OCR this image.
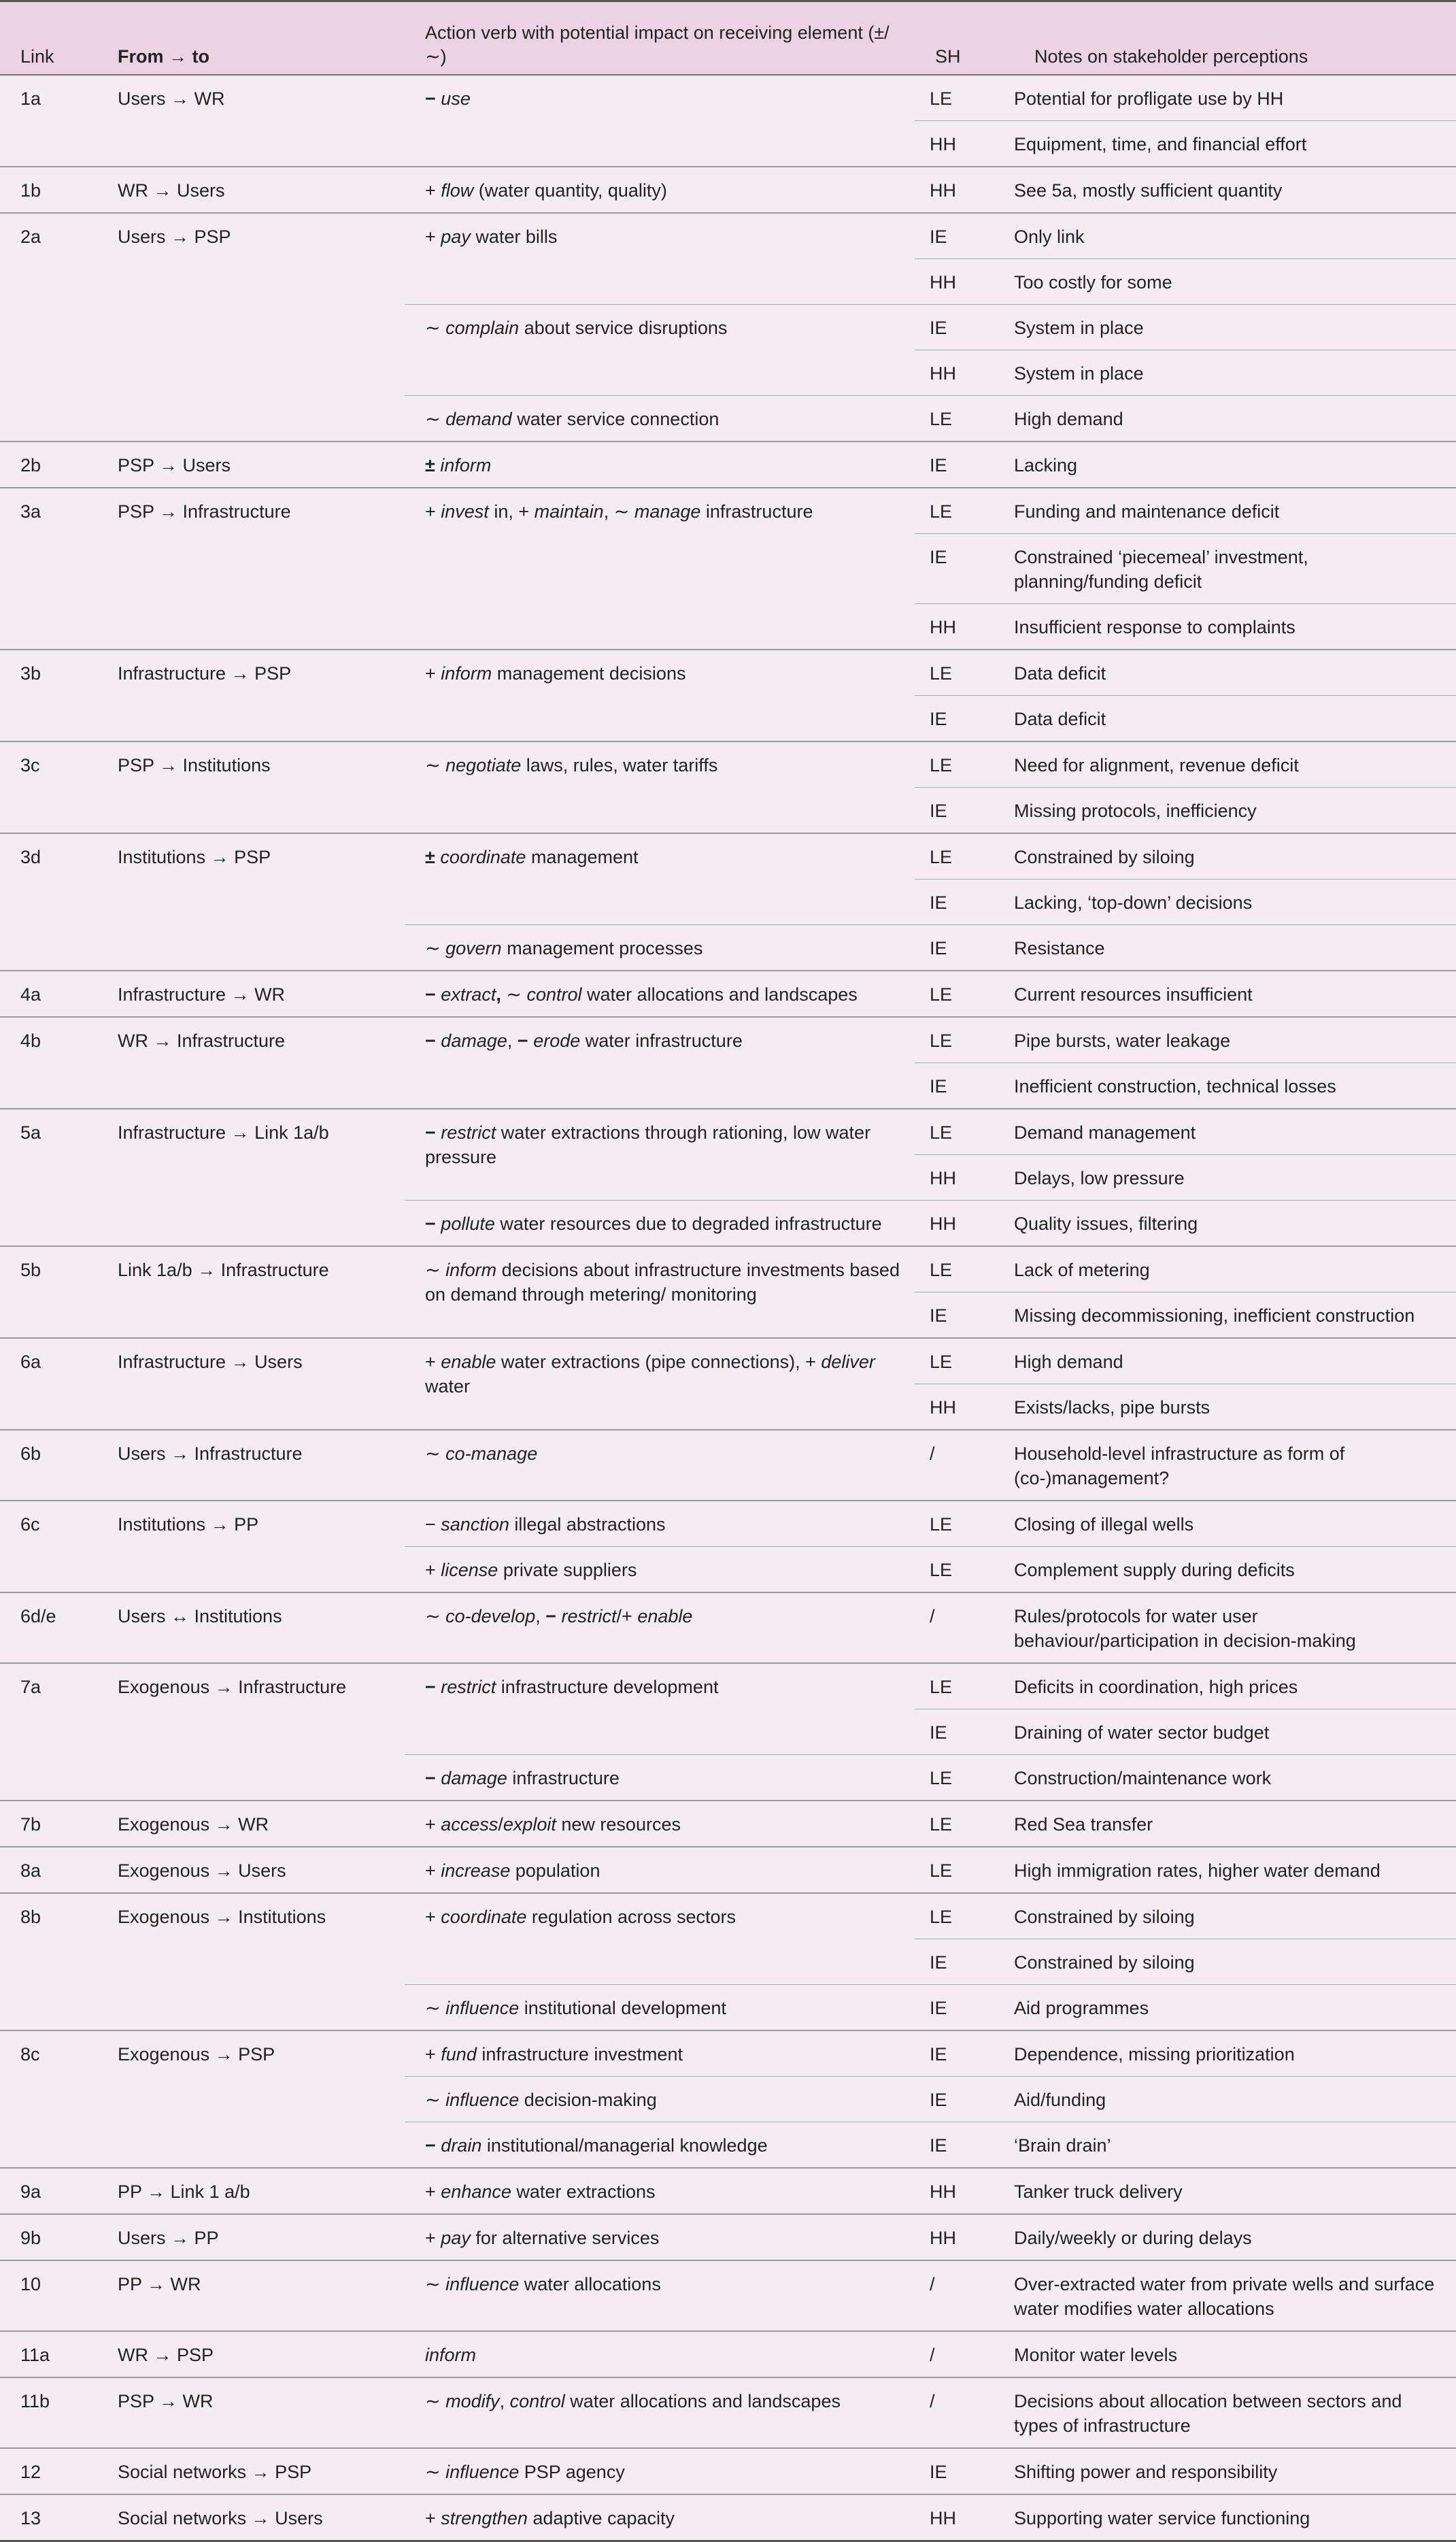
Link	From → to	Action verb with potential impact on receiving element (±/∼)	SH	Notes on stakeholder perceptions
1a	Users → WR	− use	LE	Potential for profligate use by HH
			HH	Equipment, time, and financial effort
1b	WR → Users	+ flow (water quantity, quality)	HH	See 5a, mostly sufficient quantity
2a	Users → PSP	+ pay water bills	IE	Only link
			HH	Too costly for some
		∼ complain about service disruptions	IE	System in place
			HH	System in place
		∼ demand water service connection	LE	High demand
2b	PSP → Users	± inform	IE	Lacking
3a	PSP → Infrastructure	+ invest in, + maintain, ∼ manage infrastructure	LE	Funding and maintenance deficit
			IE	Constrained ‘piecemeal’ investment, planning/funding deficit
			HH	Insufficient response to complaints
3b	Infrastructure → PSP	+ inform management decisions	LE	Data deficit
			IE	Data deficit
3c	PSP → Institutions	∼ negotiate laws, rules, water tariffs	LE	Need for alignment, revenue deficit
			IE	Missing protocols, inefficiency
3d	Institutions → PSP	± coordinate management	LE	Constrained by siloing
			IE	Lacking, ‘top-down’ decisions
		∼ govern management processes	IE	Resistance
4a	Infrastructure → WR	− extract, ∼ control water allocations and landscapes	LE	Current resources insufficient
4b	WR → Infrastructure	− damage, − erode water infrastructure	LE	Pipe bursts, water leakage
			IE	Inefficient construction, technical losses
5a	Infrastructure → Link 1a/b	− restrict water extractions through rationing, low water pressure	LE	Demand management
			HH	Delays, low pressure
		− pollute water resources due to degraded infrastructure	HH	Quality issues, filtering
5b	Link 1a/b → Infrastructure	∼ inform decisions about infrastructure investments based on demand through metering/ monitoring	LE	Lack of metering
			IE	Missing decommissioning, inefficient construction
6a	Infrastructure → Users	+ enable water extractions (pipe connections), + deliver water	LE	High demand
			HH	Exists/lacks, pipe bursts
6b	Users → Infrastructure	∼ co-manage	/	Household-level infrastructure as form of (co-)management?
6c	Institutions → PP	− sanction illegal abstractions	LE	Closing of illegal wells
		+ license private suppliers	LE	Complement supply during deficits
6d/e	Users ↔ Institutions	∼ co-develop, − restrict/+ enable	/	Rules/protocols for water user behaviour/participation in decision-making
7a	Exogenous → Infrastructure	− restrict infrastructure development	LE	Deficits in coordination, high prices
			IE	Draining of water sector budget
		− damage infrastructure	LE	Construction/maintenance work
7b	Exogenous → WR	+ access/exploit new resources	LE	Red Sea transfer
8a	Exogenous → Users	+ increase population	LE	High immigration rates, higher water demand
8b	Exogenous → Institutions	+ coordinate regulation across sectors	LE	Constrained by siloing
			IE	Constrained by siloing
		∼ influence institutional development	IE	Aid programmes
8c	Exogenous → PSP	+ fund infrastructure investment	IE	Dependence, missing prioritization
		∼ influence decision-making	IE	Aid/funding
		− drain institutional/managerial knowledge	IE	‘Brain drain’
9a	PP → Link 1 a/b	+ enhance water extractions	HH	Tanker truck delivery
9b	Users → PP	+ pay for alternative services	HH	Daily/weekly or during delays
10	PP → WR	∼ influence water allocations	/	Over-extracted water from private wells and surface water modifies water allocations
11a	WR → PSP	inform	/	Monitor water levels
11b	PSP → WR	∼ modify, control water allocations and landscapes	/	Decisions about allocation between sectors and types of infrastructure
12	Social networks → PSP	∼ influence PSP agency	IE	Shifting power and responsibility
13	Social networks → Users	+ strengthen adaptive capacity	HH	Supporting water service functioning
